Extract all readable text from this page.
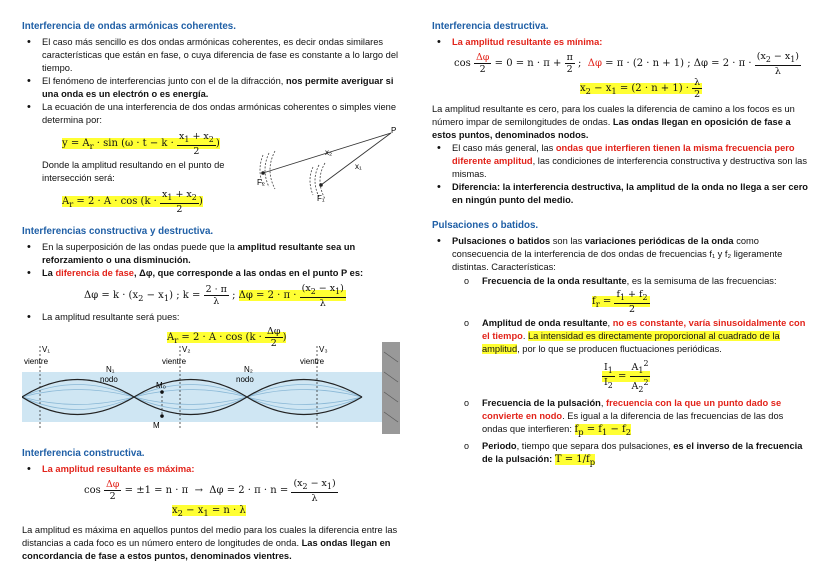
Interferencia de ondas armónicas coherentes.
• El caso más sencillo es dos ondas armónicas coherentes, es decir ondas similares características que están en fase, o cuya diferencia de fase es constante a lo largo del tiempo.
• El fenómeno de interferencias junto con el de la difracción, nos permite averiguar si una onda es un electrón o es energía.
• La ecuación de una interferencia de dos ondas armónicas coherentes o simples viene determina por:
$y = A_r \cdot \sin (\omega \cdot t - k \cdot \frac{x_1 + x_2}{2}$ )

Donde la amplitud resultando en el punto de intersección será:

$A_r = 2 \cdot A \cdot \cos (k \cdot \frac{x_1 + x_2}{2}$ )
Interferencias constructiva y destructiva.
• En la superposición de las ondas puede que la amplitud resultante sea un reforzamiento o una disminución.
• La diferencia de fase, Δφ, que corresponde a las ondas en el punto P es:
$\Delta\varphi = k \cdot (x_2 - x_1)$ ; $k = \frac{2 \cdot \pi}{\lambda}$ ; $\Delta\varphi = 2 \cdot \pi \cdot \frac{(x_2 - x_1)}{\lambda}$
• La amplitud resultante será pues:
$A_r = 2 \cdot A \cdot \cos (k \cdot \frac{\Delta\varphi}{2}$ )
Interferencia constructiva.
• La amplitud resultante es máxima:
$\cos \frac{\Delta\varphi}{2} = \pm 1 = n \cdot \pi \to \Delta\varphi = 2 \cdot \pi \cdot n = \frac{(x_2 - x_1)}{\lambda}$
$x_2 - x_1 = n \cdot \lambda$

La amplitud es máxima en aquellos puntos del medio para los cuales la diferencia entre las distancias a cada foco es un número entero de longitudes de onda. Las ondas llegan en concordancia de fase a estos puntos, denominados vientres.

P
x₂
x₁
F₂
F₁
V₁
vientre
N₁
nodo
V₂
vientre
M₀
M
N₂
nodo
V₃
vientre
Interferencia destructiva.
• La amplitud resultante es mínima:
$\cos \frac{\Delta\varphi}{2} = 0 = n \cdot \pi + \frac{\pi}{2}$ ;  Δφ = π · (2 · n + 1) ; $\Delta\varphi = 2 \cdot \pi \cdot \frac{(x_2 - x_1)}{\lambda}$
$x_2 - x_1 = (2 \cdot n + 1) \cdot \frac{\lambda}{2}$

La amplitud resultante es cero, para los cuales la diferencia de camino a los focos es un número impar de semilongitudes de ondas. Las ondas llegan en oposición de fase a estos puntos, denominados nodos.

• El caso más general, las ondas que interfieren tienen la misma frecuencia pero diferente amplitud, las condiciones de interferencia constructiva y destructiva son las mismas.
• Diferencia: la interferencia destructiva, la amplitud de la onda no llega a ser cero en ningún punto del medio.
Pulsaciones o batidos.
• Pulsaciones o batidos son las variaciones periódicas de la onda como consecuencia de la interferencia de dos ondas de frecuencias f₁ y f₂ ligeramente distintas. Características:
o Frecuencia de la onda resultante, es la semisuma de las frecuencias:
$f_r = \frac{f_1 + f_2}{2}$
o Amplitud de onda resultante, no es constante, varía sinusoidalmente con el tiempo. La intensidad es directamente proporcional al cuadrado de la amplitud, por lo que se producen fluctuaciones periódicas.
$\frac{I_1}{I_2} = \frac{A_1^2}{A_2^2}$
o Frecuencia de la pulsación, frecuencia con la que un punto dado se convierte en nodo. Es igual a la diferencia de las frecuencias de las dos ondas que interfieren: $f_p = f_1 - f_2$
o Periodo, tiempo que separa dos pulsaciones, es el inverso de la frecuencia de la pulsación: $T = 1/f_p$
